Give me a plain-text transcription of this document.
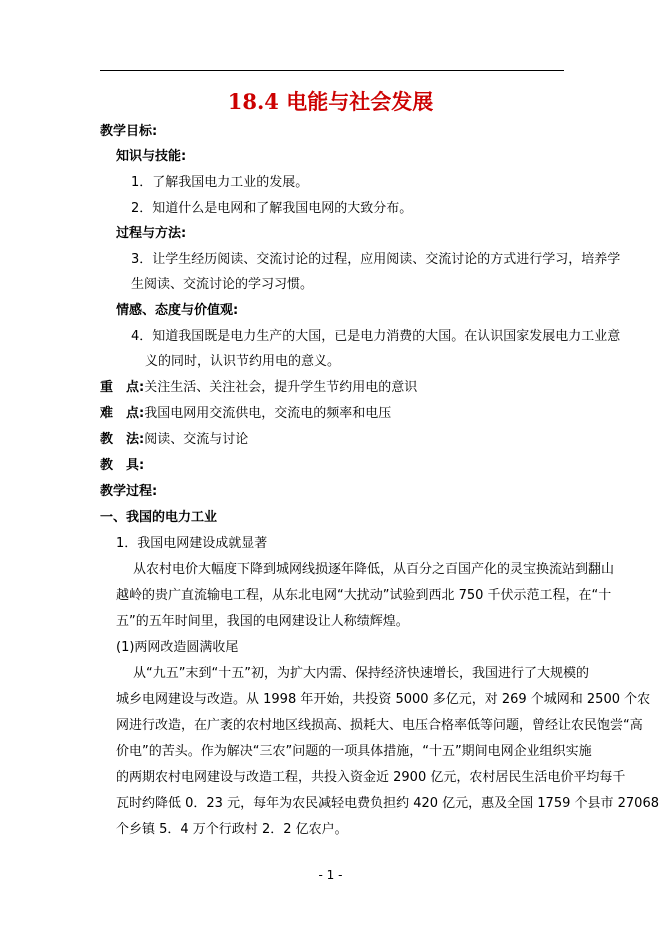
18.4 电能与社会发展
教学目标:
知识与技能:
1．了解我国电力工业的发展。
2．知道什么是电网和了解我国电网的大致分布。
过程与方法:
3．让学生经历阅读、交流讨论的过程，应用阅读、交流讨论的方式进行学习，培养学
生阅读、交流讨论的学习习惯。
情感、态度与价值观:
4．知道我国既是电力生产的大国，已是电力消费的大国。在认识国家发展电力工业意
义的同时，认识节约用电的意义。
重　点:关注生活、关注社会，提升学生节约用电的意识
难　点:我国电网用交流供电，交流电的频率和电压
教　法:阅读、交流与讨论
教　具:
教学过程:
一、我国的电力工业
1．我国电网建设成就显著
从农村电价大幅度下降到城网线损逐年降低，从百分之百国产化的灵宝换流站到翻山
越岭的贵广直流输电工程，从东北电网“大扰动”试验到西北 750 千伏示范工程，在“十
五”的五年时间里，我国的电网建设让人称绩辉煌。
(1)两网改造圆满收尾
从“九五”末到“十五”初，为扩大内需、保持经济快速增长，我国进行了大规模的
城乡电网建设与改造。从 1998 年开始，共投资 5000 多亿元，对 269 个城网和 2500 个农
网进行改造，在广袤的农村地区线损高、损耗大、电压合格率低等问题，曾经让农民饱尝“高
价电”的苦头。作为解决“三农”问题的一项具体措施，“十五”期间电网企业组织实施
的两期农村电网建设与改造工程，共投入资金近 2900 亿元，农村居民生活电价平均每千
瓦时约降低 0．23 元，每年为农民减轻电费负担约 420 亿元，惠及全国 1759 个县市 27068
个乡镇 5．4 万个行政村 2．2 亿农户。
- 1 -
